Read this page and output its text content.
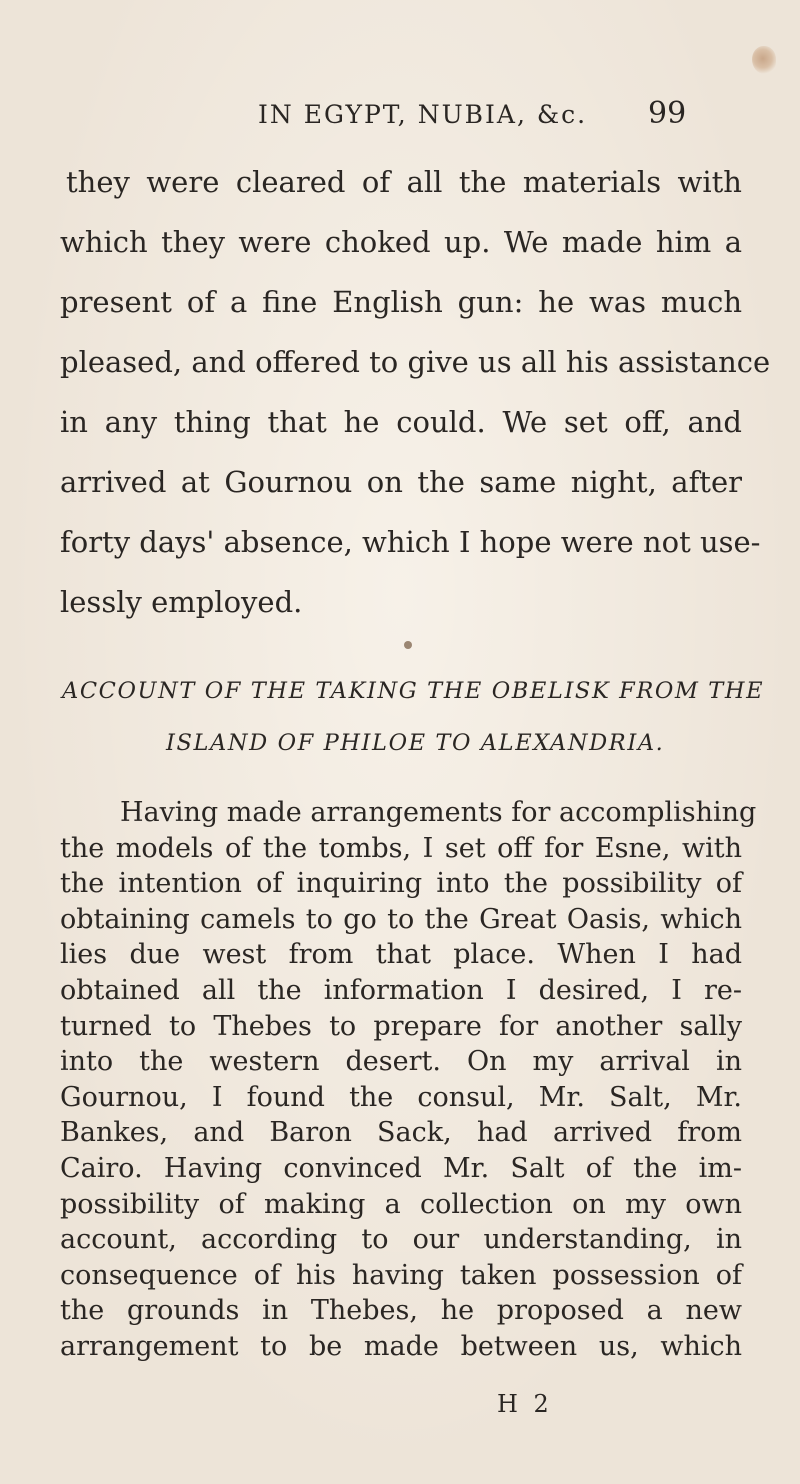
IN EGYPT, NUBIA, &c. 99
they were cleared of all the materials with
which they were choked up. We made him a
present of a fine English gun: he was much
pleased, and offered to give us all his assistance
in any thing that he could. We set off, and
arrived at Gournou on the same night, after
forty days' absence, which I hope were not use-
lessly employed.
ACCOUNT OF THE TAKING THE OBELISK FROM THE
ISLAND OF PHILOE TO ALEXANDRIA.
Having made arrangements for accomplishing
the models of the tombs, I set off for Esne, with
the intention of inquiring into the possibility of
obtaining camels to go to the Great Oasis, which
lies due west from that place. When I had
obtained all the information I desired, I re-
turned to Thebes to prepare for another sally
into the western desert. On my arrival in
Gournou, I found the consul, Mr. Salt, Mr.
Bankes, and Baron Sack, had arrived from
Cairo. Having convinced Mr. Salt of the im-
possibility of making a collection on my own
account, according to our understanding, in
consequence of his having taken possession of
the grounds in Thebes, he proposed a new
arrangement to be made between us, which
H 2
